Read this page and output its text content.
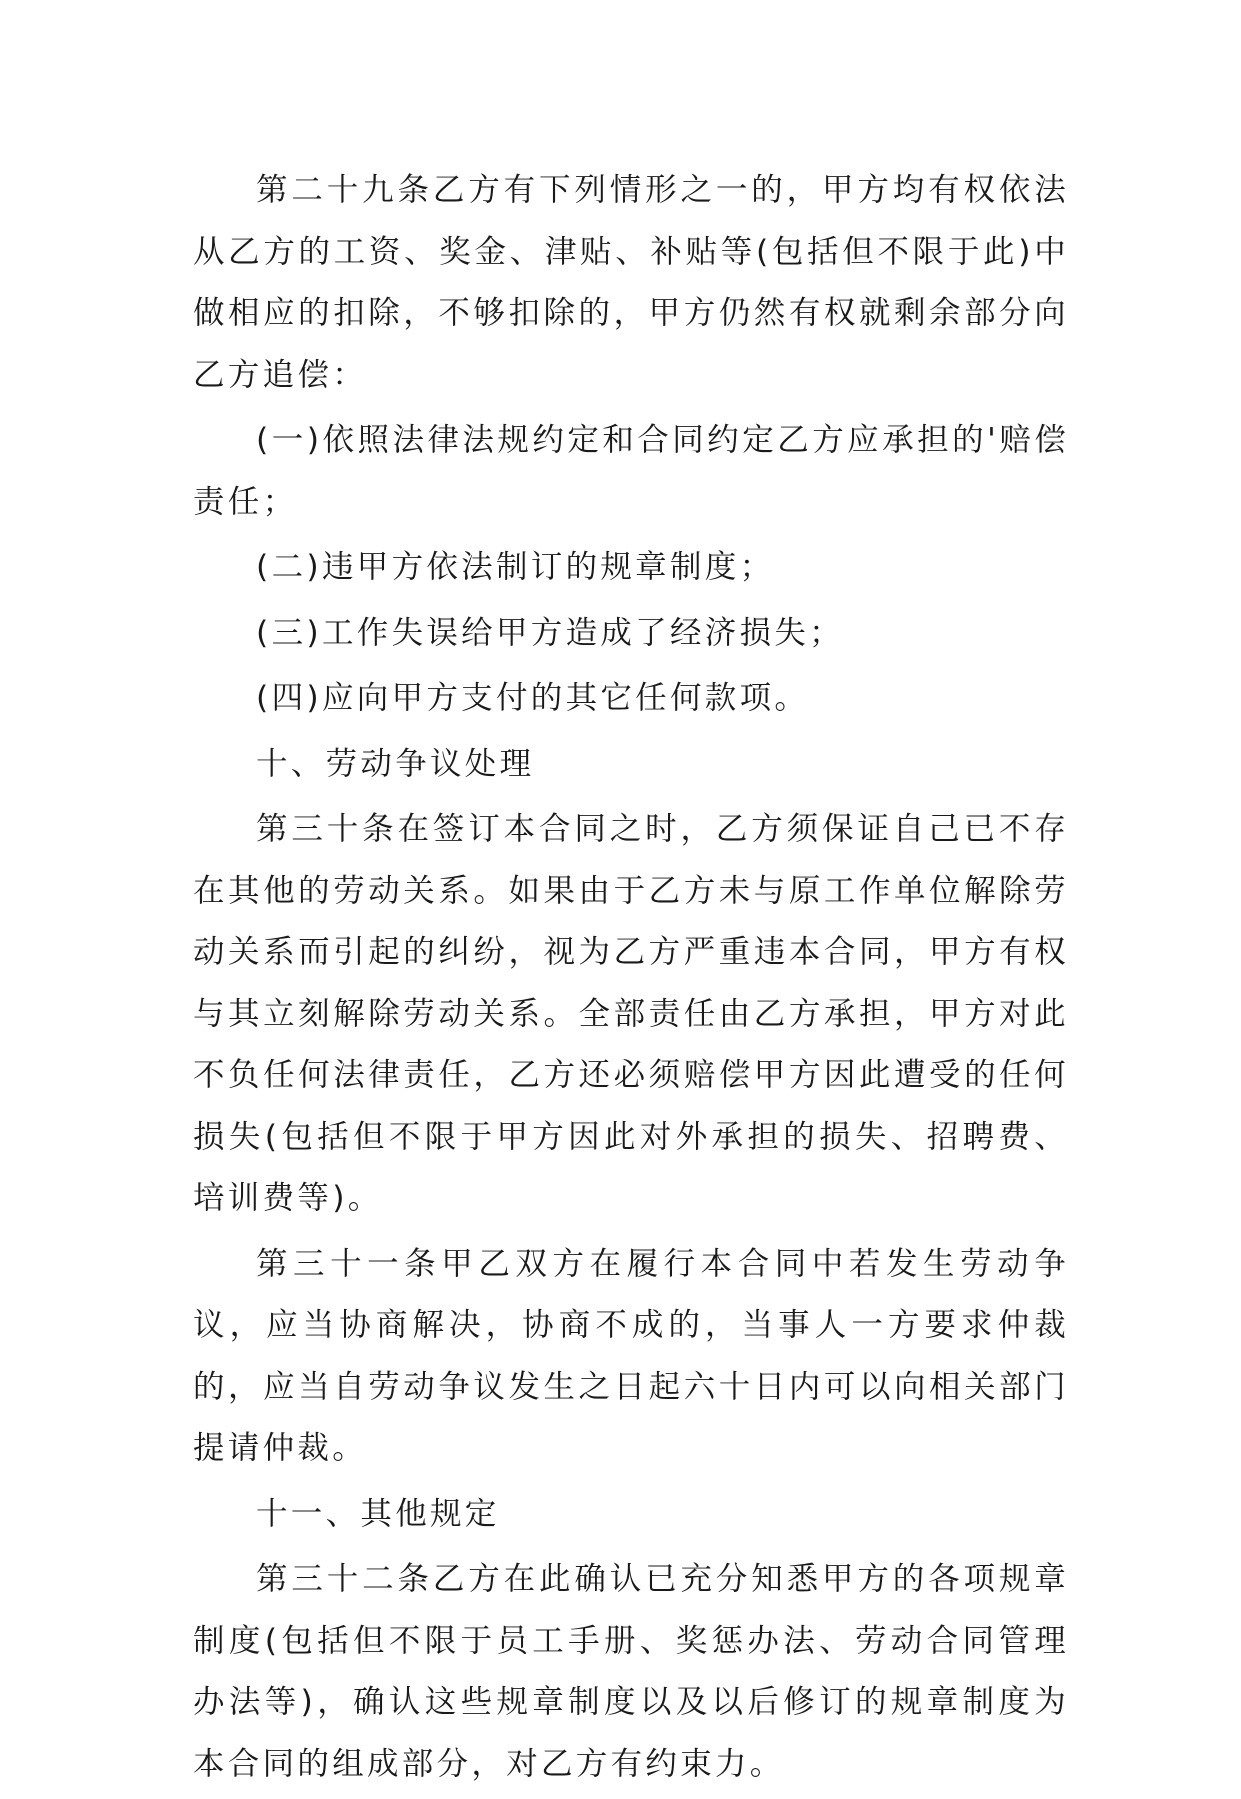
第二十九条乙方有下列情形之一的，甲方均有权依法从乙方的工资、奖金、津贴、补贴等(包括但不限于此)中做相应的扣除，不够扣除的，甲方仍然有权就剩余部分向乙方追偿：

(一)依照法律法规约定和合同约定乙方应承担的'赔偿责任；

(二)违甲方依法制订的规章制度；

(三)工作失误给甲方造成了经济损失；

(四)应向甲方支付的其它任何款项。

十、劳动争议处理

第三十条在签订本合同之时，乙方须保证自己已不存在其他的劳动关系。如果由于乙方未与原工作单位解除劳动关系而引起的纠纷，视为乙方严重违本合同，甲方有权与其立刻解除劳动关系。全部责任由乙方承担，甲方对此不负任何法律责任，乙方还必须赔偿甲方因此遭受的任何损失(包括但不限于甲方因此对外承担的损失、招聘费、培训费等)。

第三十一条甲乙双方在履行本合同中若发生劳动争议，应当协商解决，协商不成的，当事人一方要求仲裁的，应当自劳动争议发生之日起六十日内可以向相关部门提请仲裁。

十一、其他规定

第三十二条乙方在此确认已充分知悉甲方的各项规章制度(包括但不限于员工手册、奖惩办法、劳动合同管理办法等)，确认这些规章制度以及以后修订的规章制度为本合同的组成部分，对乙方有约束力。
